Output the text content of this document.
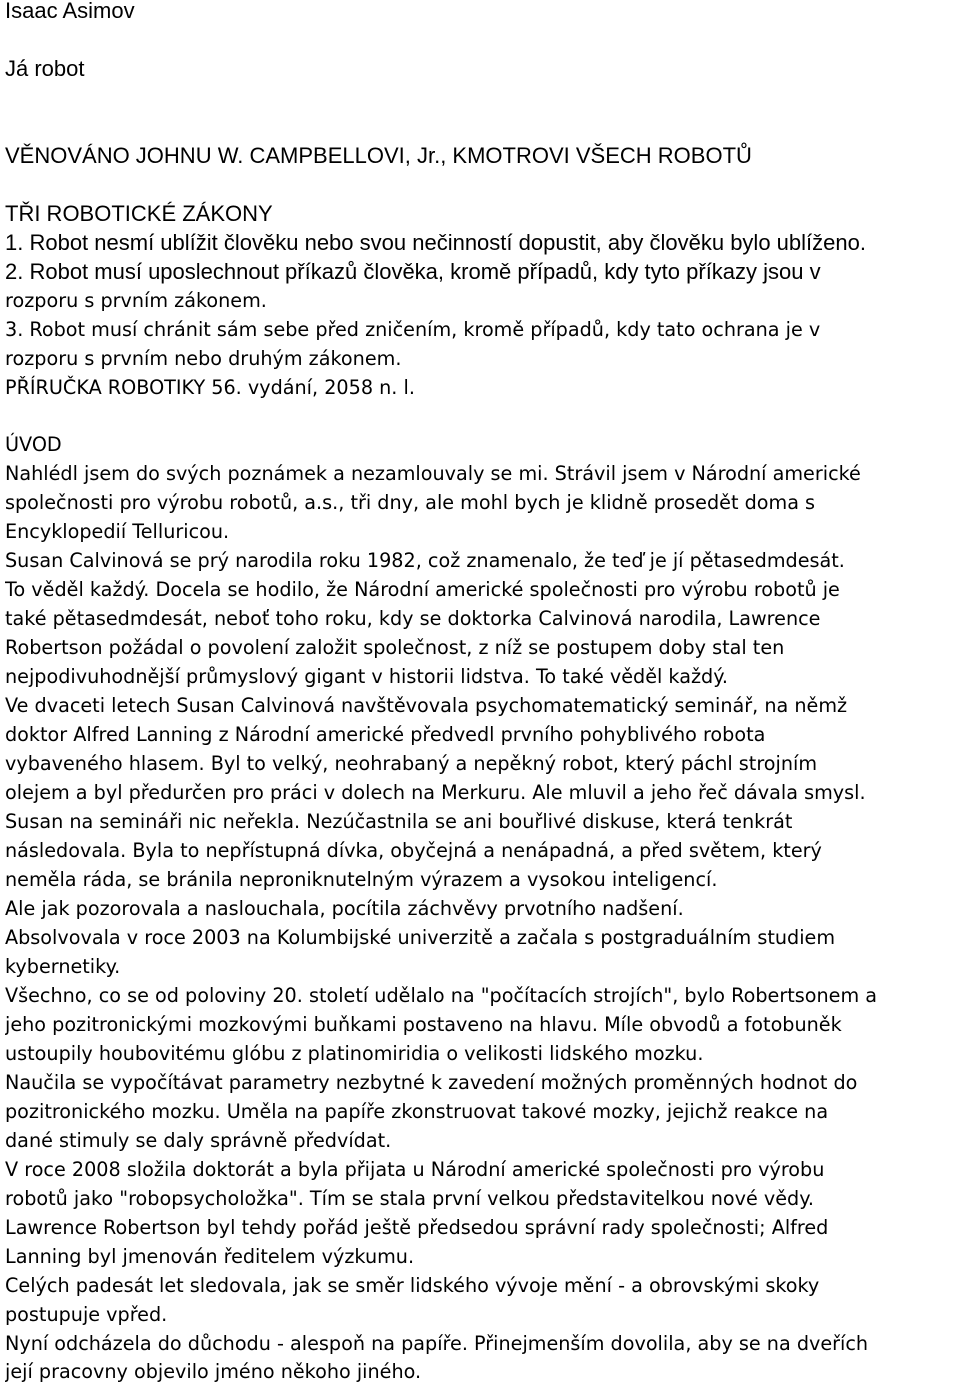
Isaac Asimov
Já robot
VĚNOVÁNO JOHNU W. CAMPBELLOVI, Jr., KMOTROVI VŠECH ROBOTŮ
TŘI ROBOTICKÉ ZÁKONY
1. Robot nesmí ublížit člověku nebo svou nečinností dopustit, aby člověku bylo ublíženo.
2. Robot musí uposlechnout příkazů člověka, kromě případů, kdy tyto příkazy jsou v
rozporu s prvním zákonem.
3. Robot musí chránit sám sebe před zničením, kromě případů, kdy tato ochrana je v
rozporu s prvním nebo druhým zákonem.
PŘÍRUČKA ROBOTIKY 56. vydání, 2058 n. l.
ÚVOD
Nahlédl jsem do svých poznámek a nezamlouvaly se mi. Strávil jsem v Národní americké
společnosti pro výrobu robotů, a.s., tři dny, ale mohl bych je klidně prosedět doma s
Encyklopedií Telluricou.
Susan Calvinová se prý narodila roku 1982, což znamenalo, že teď je jí pětasedmdesát.
To věděl každý. Docela se hodilo, že Národní americké společnosti pro výrobu robotů je
také pětasedmdesát, neboť toho roku, kdy se doktorka Calvinová narodila, Lawrence
Robertson požádal o povolení založit společnost, z níž se postupem doby stal ten
nejpodivuhodnější průmyslový gigant v historii lidstva. To také věděl každý.
Ve dvaceti letech Susan Calvinová navštěvovala psychomatematický seminář, na němž
doktor Alfred Lanning z Národní americké předvedl prvního pohyblivého robota
vybaveného hlasem. Byl to velký, neohrabaný a nepěkný robot, který páchl strojním
olejem a byl předurčen pro práci v dolech na Merkuru. Ale mluvil a jeho řeč dávala smysl.
Susan na semináři nic neřekla. Nezúčastnila se ani bouřlivé diskuse, která tenkrát
následovala. Byla to nepřístupná dívka, obyčejná a nenápadná, a před světem, který
neměla ráda, se bránila neproniknutelným výrazem a vysokou inteligencí.
Ale jak pozorovala a naslouchala, pocítila záchvěvy prvotního nadšení.
Absolvovala v roce 2003 na Kolumbijské univerzitě a začala s postgraduálním studiem
kybernetiky.
Všechno, co se od poloviny 20. století udělalo na "počítacích strojích", bylo Robertsonem a
jeho pozitronickými mozkovými buňkami postaveno na hlavu. Míle obvodů a fotobuněk
ustoupily houbovitému glóbu z platinomiridia o velikosti lidského mozku.
Naučila se vypočítávat parametry nezbytné k zavedení možných proměnných hodnot do
pozitronického mozku. Uměla na papíře zkonstruovat takové mozky, jejichž reakce na
dané stimuly se daly správně předvídat.
V roce 2008 složila doktorát a byla přijata u Národní americké společnosti pro výrobu
robotů jako "robopsycholožka". Tím se stala první velkou představitelkou nové vědy.
Lawrence Robertson byl tehdy pořád ještě předsedou správní rady společnosti; Alfred
Lanning byl jmenován ředitelem výzkumu.
Celých padesát let sledovala, jak se směr lidského vývoje mění - a obrovskými skoky
postupuje vpřed.
Nyní odcházela do důchodu - alespoň na papíře. Přinejmenším dovolila, aby se na dveřích
její pracovny objevilo jméno někoho jiného.
